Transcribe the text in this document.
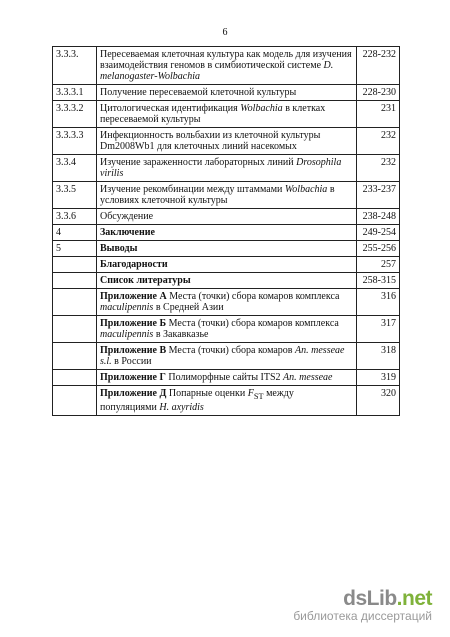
6
3.3.3.	Пересеваемая клеточная культура как модель для изучения взаимодействия геномов в симбиотической системе D. melanogaster-Wolbachia	228-232
3.3.3.1	Получение пересеваемой клеточной культуры	228-230
3.3.3.2	Цитологическая идентификация Wolbachia в клетках пересеваемой культуры	231
3.3.3.3	Инфекционность вольбахии из клеточной культуры Dm2008Wb1 для клеточных линий насекомых	232
3.3.4	Изучение зараженности лабораторных линий Drosophila virilis	232
3.3.5	Изучение рекомбинации между штаммами Wolbachia в условиях клеточной культуры	233-237
3.3.6	Обсуждение	238-248
4	Заключение	249-254
5	Выводы	255-256
	Благодарности	257
	Список литературы	258-315
	Приложение А Места (точки) сбора комаров комплекса maculipennis в Средней Азии	316
	Приложение Б Места (точки) сбора комаров комплекса maculipennis в Закавказье	317
	Приложение В Места (точки) сбора комаров An. messeae s.l. в России	318
	Приложение Г Полиморфные сайты ITS2 An. messeae	319
	Приложение Д Попарные оценки $F_{ST}$ между популяциями H. axyridis	320
dsLib.net
библиотека диссертаций
